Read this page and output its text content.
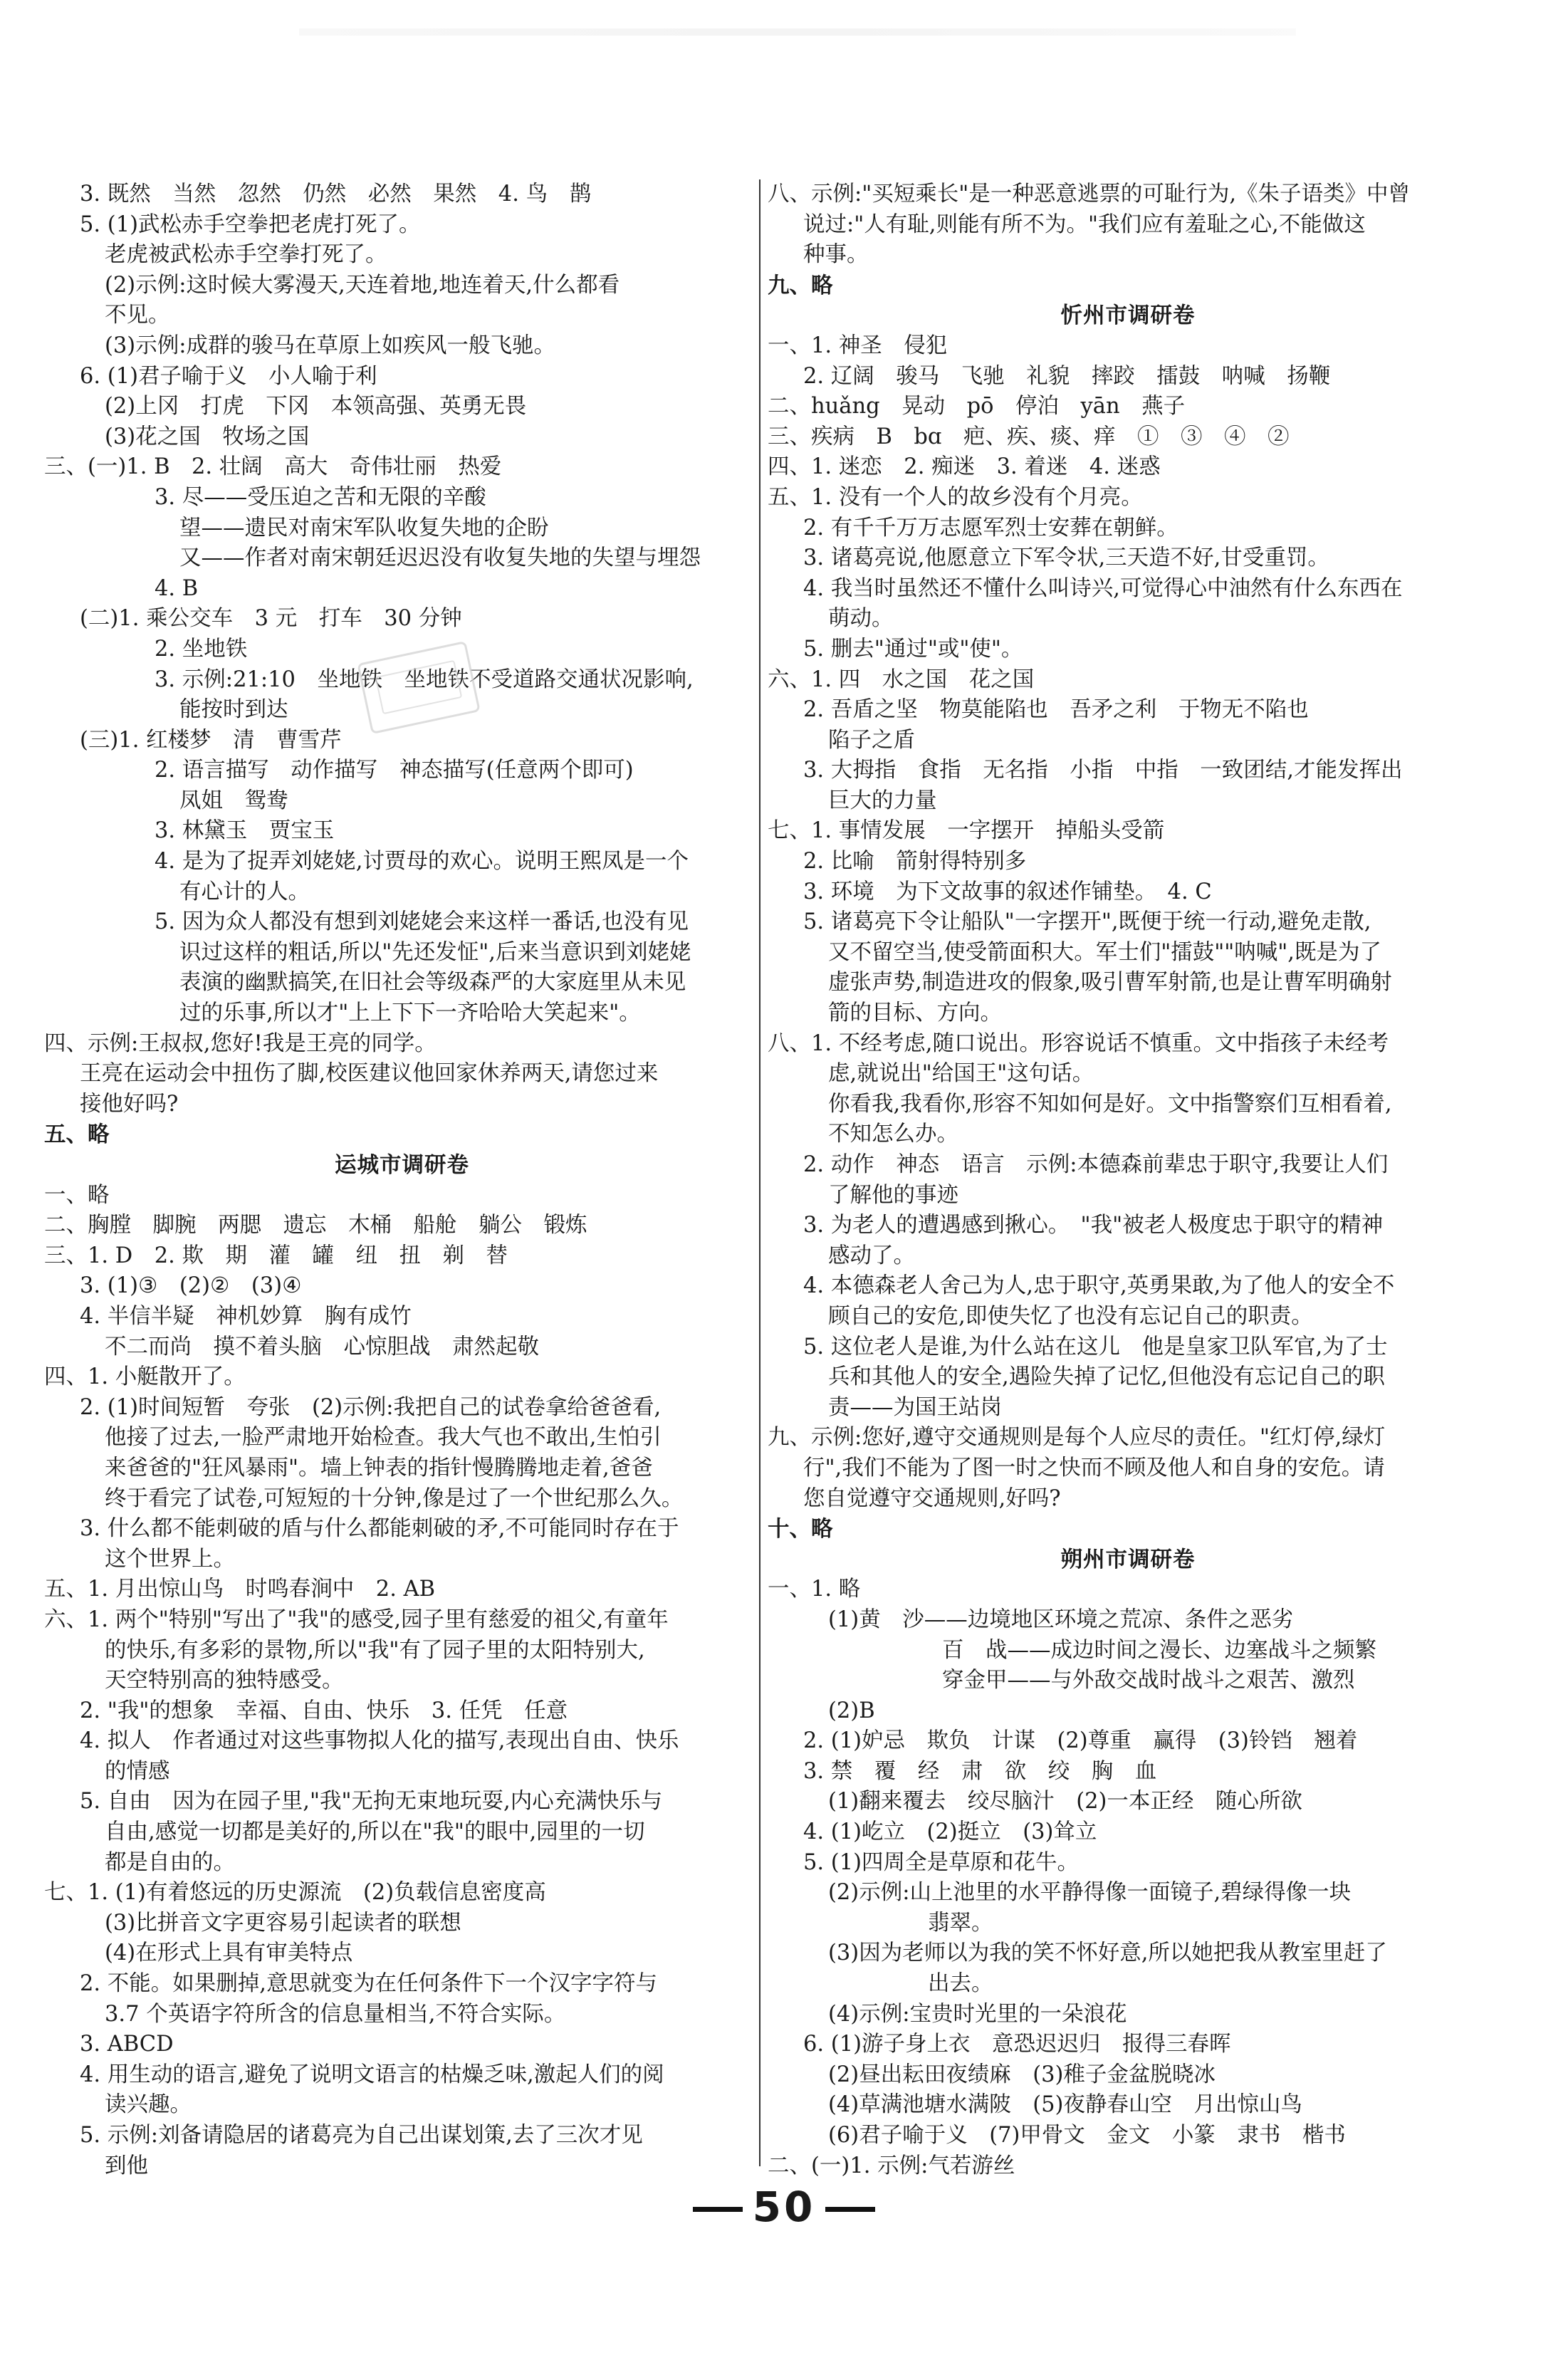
3. 既然　当然　忽然　仍然　必然　果然　4. 鸟　鹊
5. (1)武松赤手空拳把老虎打死了。
老虎被武松赤手空拳打死了。
(2)示例:这时候大雾漫天,天连着地,地连着天,什么都看
不见。
(3)示例:成群的骏马在草原上如疾风一般飞驰。
6. (1)君子喻于义　小人喻于利
(2)上冈　打虎　下冈　本领高强、英勇无畏
(3)花之国　牧场之国
三、(一)1. B　2. 壮阔　高大　奇伟壮丽　热爱
3. 尽——受压迫之苦和无限的辛酸
望——遗民对南宋军队收复失地的企盼
又——作者对南宋朝廷迟迟没有收复失地的失望与埋怨
4. B
(二)1. 乘公交车　3 元　打车　30 分钟
2. 坐地铁
3. 示例:21:10　坐地铁　坐地铁不受道路交通状况影响,
能按时到达
(三)1. 红楼梦　清　曹雪芹
2. 语言描写　动作描写　神态描写(任意两个即可)
凤姐　鸳鸯
3. 林黛玉　贾宝玉
4. 是为了捉弄刘姥姥,讨贾母的欢心。说明王熙凤是一个
有心计的人。
5. 因为众人都没有想到刘姥姥会来这样一番话,也没有见
识过这样的粗话,所以"先还发怔",后来当意识到刘姥姥
表演的幽默搞笑,在旧社会等级森严的大家庭里从未见
过的乐事,所以才"上上下下一齐哈哈大笑起来"。
四、示例:王叔叔,您好!我是王亮的同学。
王亮在运动会中扭伤了脚,校医建议他回家休养两天,请您过来
接他好吗?
五、略
运城市调研卷
一、略
二、胸膛　脚腕　两腮　遗忘　木桶　船舱　躺公　锻炼
三、1. D　2. 欺　期　灌　罐　纽　扭　剃　替
3. (1)③　(2)②　(3)④
4. 半信半疑　神机妙算　胸有成竹
不二而尚　摸不着头脑　心惊胆战　肃然起敬
四、1. 小艇散开了。
2. (1)时间短暂　夸张　(2)示例:我把自己的试卷拿给爸爸看,
他接了过去,一脸严肃地开始检查。我大气也不敢出,生怕引
来爸爸的"狂风暴雨"。墙上钟表的指针慢腾腾地走着,爸爸
终于看完了试卷,可短短的十分钟,像是过了一个世纪那么久。
3. 什么都不能刺破的盾与什么都能刺破的矛,不可能同时存在于
这个世界上。
五、1. 月出惊山鸟　时鸣春涧中　2. AB
六、1. 两个"特别"写出了"我"的感受,园子里有慈爱的祖父,有童年
的快乐,有多彩的景物,所以"我"有了园子里的太阳特别大,
天空特别高的独特感受。
2. "我"的想象　幸福、自由、快乐　3. 任凭　任意
4. 拟人　作者通过对这些事物拟人化的描写,表现出自由、快乐
的情感
5. 自由　因为在园子里,"我"无拘无束地玩耍,内心充满快乐与
自由,感觉一切都是美好的,所以在"我"的眼中,园里的一切
都是自由的。
七、1. (1)有着悠远的历史源流　(2)负载信息密度高
(3)比拼音文字更容易引起读者的联想
(4)在形式上具有审美特点
2. 不能。如果删掉,意思就变为在任何条件下一个汉字字符与
3.7 个英语字符所含的信息量相当,不符合实际。
3. ABCD
4. 用生动的语言,避免了说明文语言的枯燥乏味,激起人们的阅
读兴趣。
5. 示例:刘备请隐居的诸葛亮为自己出谋划策,去了三次才见
到他
八、示例:"买短乘长"是一种恶意逃票的可耻行为,《朱子语类》中曾
说过:"人有耻,则能有所不为。"我们应有羞耻之心,不能做这
种事。
九、略
忻州市调研卷
一、1. 神圣　侵犯
2. 辽阔　骏马　飞驰　礼貌　摔跤　擂鼓　呐喊　扬鞭
二、huǎng　晃动　pō　停泊　yān　燕子
三、疾病　B　bɑ　疤、疾、痰、痒　①　③　④　②
四、1. 迷恋　2. 痴迷　3. 着迷　4. 迷惑
五、1. 没有一个人的故乡没有个月亮。
2. 有千千万万志愿军烈士安葬在朝鲜。
3. 诸葛亮说,他愿意立下军令状,三天造不好,甘受重罚。
4. 我当时虽然还不懂什么叫诗兴,可觉得心中油然有什么东西在
萌动。
5. 删去"通过"或"使"。
六、1. 四　水之国　花之国
2. 吾盾之坚　物莫能陷也　吾矛之利　于物无不陷也
陷子之盾
3. 大拇指　食指　无名指　小指　中指　一致团结,才能发挥出
巨大的力量
七、1. 事情发展　一字摆开　掉船头受箭
2. 比喻　箭射得特别多
3. 环境　为下文故事的叙述作铺垫。　4. C
5. 诸葛亮下令让船队"一字摆开",既便于统一行动,避免走散,
又不留空当,使受箭面积大。军士们"擂鼓""呐喊",既是为了
虚张声势,制造进攻的假象,吸引曹军射箭,也是让曹军明确射
箭的目标、方向。
八、1. 不经考虑,随口说出。形容说话不慎重。文中指孩子未经考
虑,就说出"给国王"这句话。
你看我,我看你,形容不知如何是好。文中指警察们互相看着,
不知怎么办。
2. 动作　神态　语言　示例:本德森前辈忠于职守,我要让人们
了解他的事迹
3. 为老人的遭遇感到揪心。　"我"被老人极度忠于职守的精神
感动了。
4. 本德森老人舍己为人,忠于职守,英勇果敢,为了他人的安全不
顾自己的安危,即使失忆了也没有忘记自己的职责。
5. 这位老人是谁,为什么站在这儿　他是皇家卫队军官,为了士
兵和其他人的安全,遇险失掉了记忆,但他没有忘记自己的职
责——为国王站岗
九、示例:您好,遵守交通规则是每个人应尽的责任。"红灯停,绿灯
行",我们不能为了图一时之快而不顾及他人和自身的安危。请
您自觉遵守交通规则,好吗?
十、略
朔州市调研卷
一、1. 略
(1)黄　沙——边境地区环境之荒凉、条件之恶劣
百　战——成边时间之漫长、边塞战斗之频繁
穿金甲——与外敌交战时战斗之艰苦、激烈
(2)B
2. (1)妒忌　欺负　计谋　(2)尊重　赢得　(3)铃铛　翘着
3. 禁　覆　经　肃　欲　绞　胸　血
(1)翻来覆去　绞尽脑汁　(2)一本正经　随心所欲
4. (1)屹立　(2)挺立　(3)耸立
5. (1)四周全是草原和花牛。
(2)示例:山上池里的水平静得像一面镜子,碧绿得像一块
翡翠。
(3)因为老师以为我的笑不怀好意,所以她把我从教室里赶了
出去。
(4)示例:宝贵时光里的一朵浪花
6. (1)游子身上衣　意恐迟迟归　报得三春晖
(2)昼出耘田夜绩麻　(3)稚子金盆脱晓冰
(4)草满池塘水满陂　(5)夜静春山空　月出惊山鸟
(6)君子喻于义　(7)甲骨文　金文　小篆　隶书　楷书
二、(一)1. 示例:气若游丝
50
